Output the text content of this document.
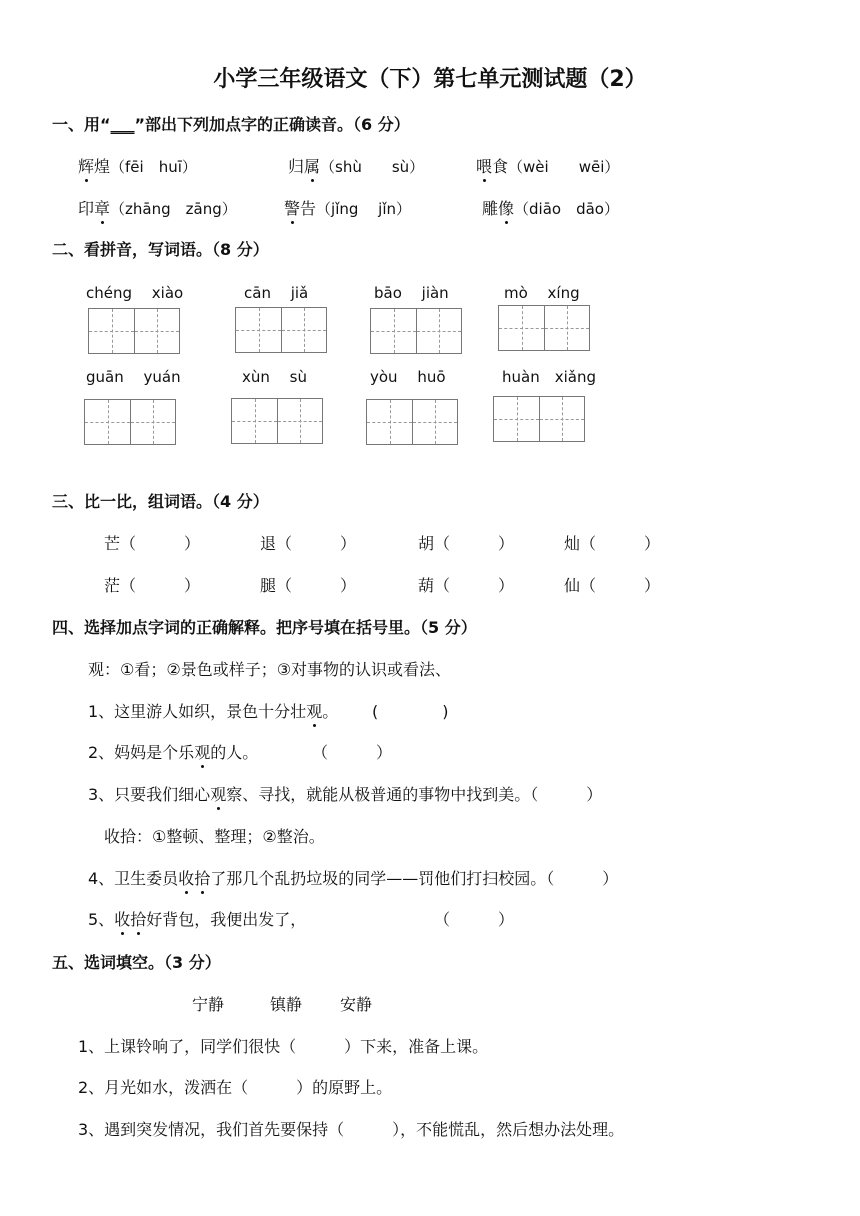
小学三年级语文（下）第七单元测试题（2）
一、用“___”部出下列加点字的正确读音。（6 分）
辉煌（fēi　huī）	归属（shù　　sù）	喂食（wèi　　wēi）
印章（zhāng　zāng）	警告（jǐng　 jǐn）	雕像（diāo　dāo）
二、看拼音，写词语。（8 分）
chéng　 xiào	cān　 jiǎ	bāo　 jiàn	mò　 xíng
guān　 yuán	xùn　 sù	yòu　 huō	huàn　xiǎng
三、比一比，组词语。（4 分）
芒（　　　）	退（　　　）	胡（　　　）	灿（　　　）
茫（　　　）	腿（　　　）	葫（　　　）	仙（　　　）
四、选择加点字词的正确解释。把序号填在括号里。（5 分）
观：①看；②景色或样子；③对事物的认识或看法、
1、这里游人如织，景色十分壮观。 (　　　　)
2、妈妈是个乐观的人。	（　　　）
3、只要我们细心观察、寻找，就能从极普通的事物中找到美。（　　　）
收拾：①整顿、整理；②整治。
4、卫生委员收拾了那几个乱扔垃圾的同学——罚他们打扫校园。（　　　）
5、收拾好背包，我便出发了，	（　　　）
五、选词填空。（3 分）
宁静	镇静 安静
1、上课铃响了，同学们很快（　　　）下来，准备上课。
2、月光如水，泼洒在（　　　）的原野上。
3、遇到突发情况，我们首先要保持（　　　），不能慌乱，然后想办法处理。
